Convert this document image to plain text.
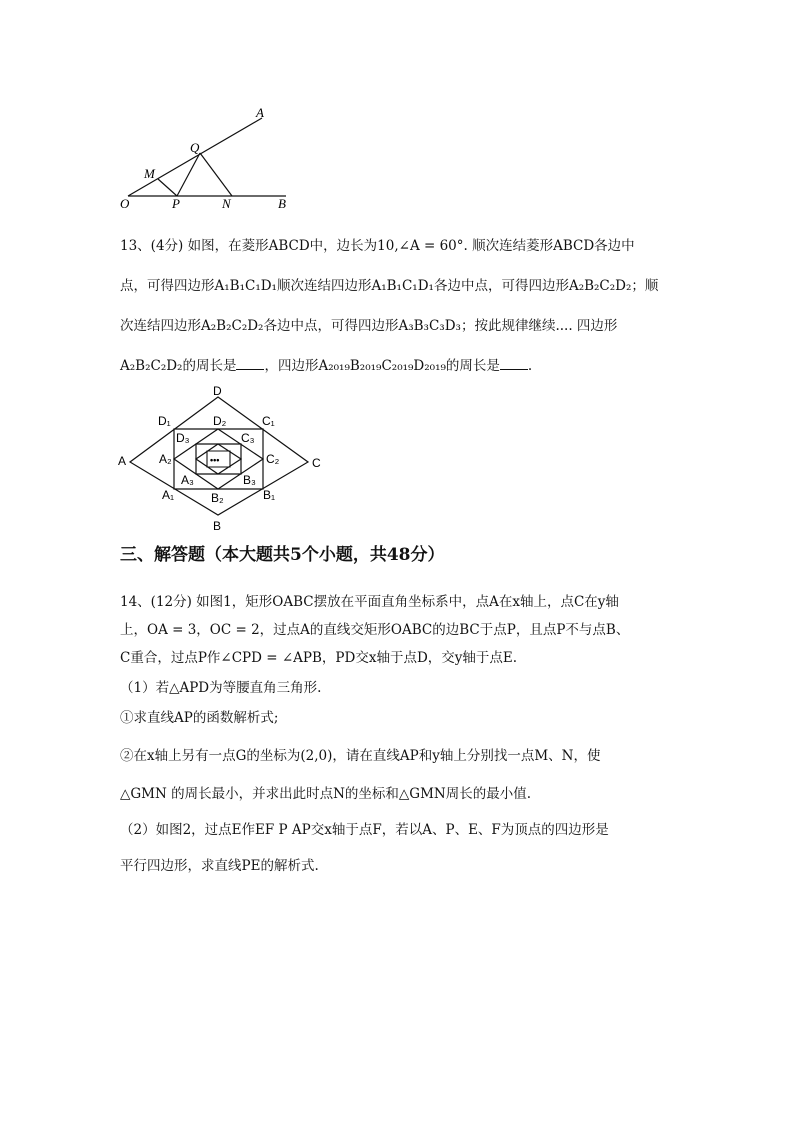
A
Q
M
O	P	N	B
13、(4分) 如图，在菱形ABCD中，边长为10,∠A = 60°. 顺次连结菱形ABCD各边中
点，可得四边形A₁B₁C₁D₁顺次连结四边形A₁B₁C₁D₁各边中点，可得四边形A₂B₂C₂D₂；顺
次连结四边形A₂B₂C₂D₂各边中点，可得四边形A₃B₃C₃D₃；按此规律继续.... 四边形
A₂B₂C₂D₂的周长是 ，四边形A₂₀₁₉B₂₀₁₉C₂₀₁₉D₂₀₁₉的周长是 .
•••
D
A	C
B
D₁	C₁
A₁	B₁
D₂
C₂
A₂
B₂
D₃	C₃
A₃	B₃
三、解答题（本大题共5个小题，共48分）
14、(12分) 如图1，矩形OABC摆放在平面直角坐标系中，点A在x轴上，点C在y轴
上，OA = 3，OC = 2，过点A的直线交矩形OABC的边BC于点P，且点P不与点B、
C重合，过点P作∠CPD = ∠APB，PD交x轴于点D，交y轴于点E.
（1）若△APD为等腰直角三角形.
①求直线AP的函数解析式;
②在x轴上另有一点G的坐标为(2,0)，请在直线AP和y轴上分别找一点M、N，使
△GMN 的周长最小，并求出此时点N的坐标和△GMN周长的最小值.
（2）如图2，过点E作EF P AP交x轴于点F，若以A、P、E、F为顶点的四边形是
平行四边形，求直线PE的解析式.
